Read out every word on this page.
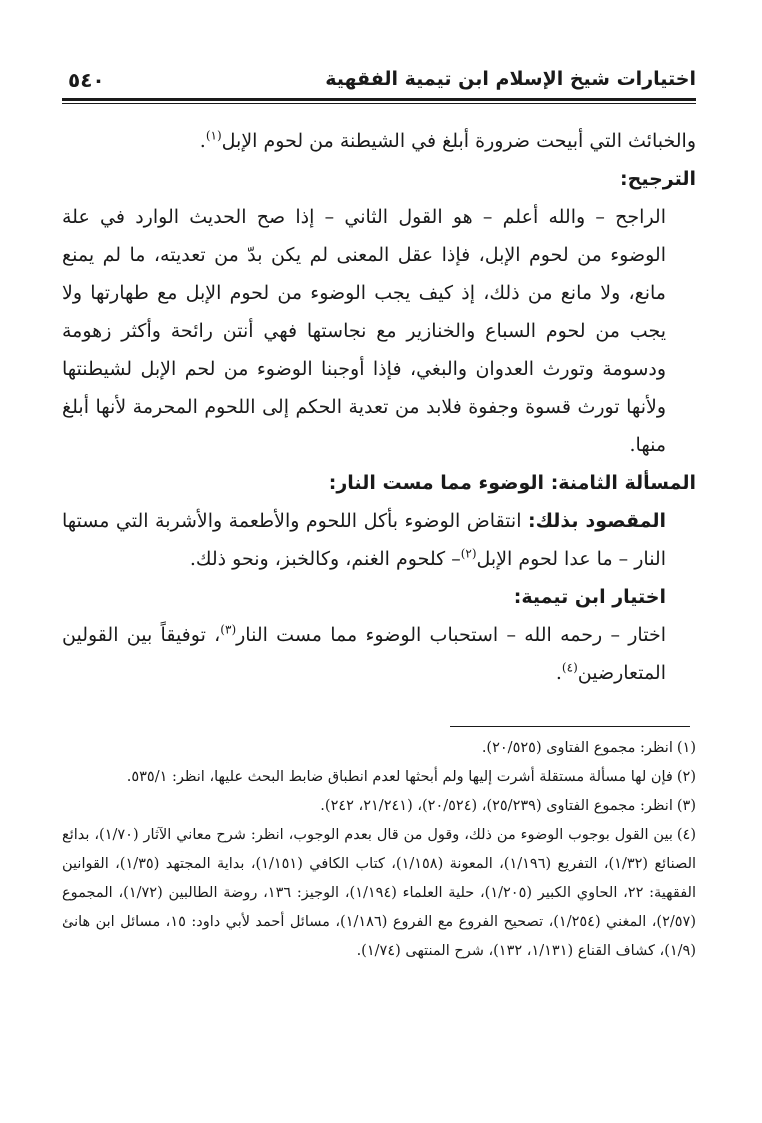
اختيارات شيخ الإسلام ابن تيمية الفقهية
٥٤٠

والخبائث التي أبيحت ضرورة أبلغ في الشيطنة من لحوم الإبل$^{(١)}$.

الترجيح:

الراجح – والله أعلم – هو القول الثاني – إذا صح الحديث الوارد في علة الوضوء من لحوم الإبل، فإذا عقل المعنى لم يكن بدّ من تعديته، ما لم يمنع مانع، ولا مانع من ذلك، إذ كيف يجب الوضوء من لحوم الإبل مع طهارتها ولا يجب من لحوم السباع والخنازير مع نجاستها فهي أنتن رائحة وأكثر زهومة ودسومة وتورث العدوان والبغي، فإذا أوجبنا الوضوء من لحم الإبل لشيطنتها ولأنها تورث قسوة وجفوة فلابد من تعدية الحكم إلى اللحوم المحرمة لأنها أبلغ منها.

المسألة الثامنة: الوضوء مما مست النار:

المقصود بذلك: انتقاض الوضوء بأكل اللحوم والأطعمة والأشربة التي مستها النار – ما عدا لحوم الإبل$^{(٢)}$– كلحوم الغنم، وكالخبز، ونحو ذلك.

اختيار ابن تيمية:

اختار – رحمه الله – استحباب الوضوء مما مست النار$^{(٣)}$، توفيقاً بين القولين المتعارضين$^{(٤)}$.

(١)انظر: مجموع الفتاوى (٢٠/٥٢٥).

(٢)فإن لها مسألة مستقلة أشرت إليها ولم أبحثها لعدم انطباق ضابط البحث عليها، انظر: ٥٣٥/١.

(٣)انظر: مجموع الفتاوى (٢٥/٢٣٩)، (٢٠/٥٢٤)، (٢١/٢٤١، ٢٤٢).

(٤)بين القول بوجوب الوضوء من ذلك، وقول من قال بعدم الوجوب، انظر: شرح معاني الآثار (١/٧٠)، بدائع الصنائع (١/٣٢)، التفريع (١/١٩٦)، المعونة (١/١٥٨)، كتاب الكافي (١/١٥١)، بداية المجتهد (١/٣٥)، القوانين الفقهية: ٢٢، الحاوي الكبير (١/٢٠٥)، حلية العلماء (١/١٩٤)، الوجيز: ١٣٦، روضة الطالبين (١/٧٢)، المجموع (٢/٥٧)، المغني (١/٢٥٤)، تصحيح الفروع مع الفروع (١/١٨٦)، مسائل أحمد لأبي داود: ١٥، مسائل ابن هانئ (١/٩)، كشاف القناع (١/١٣١، ١٣٢)، شرح المنتهى (١/٧٤).
